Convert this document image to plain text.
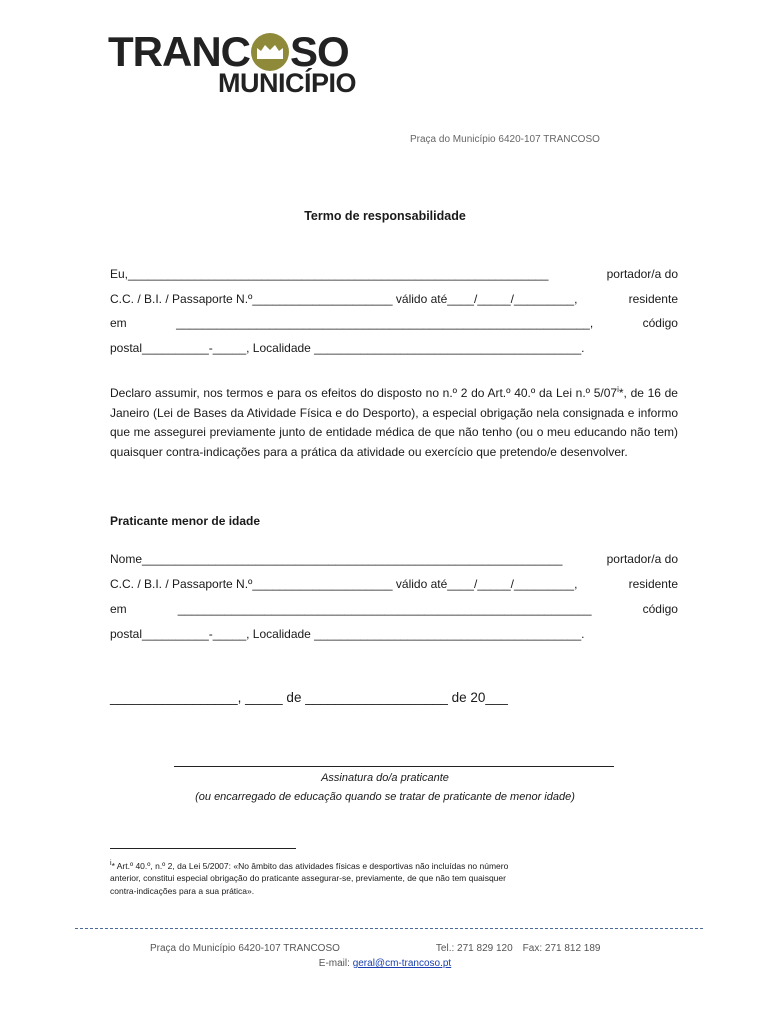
TRANC SO
MUNICÍPIO
Praça do Município 6420-107 TRANCOSO
Termo de responsabilidade
Eu,_______________________________________________________________	portador/a do
C.C. / B.I. / Passaporte N.º_____________________ válido até____/_____/_________,	residente
em	______________________________________________________________,	código
postal__________-_____, Localidade ________________________________________.
Declaro assumir, nos termos e para os efeitos do disposto no n.º 2 do Art.º 40.º da Lei n.º 5/07$^i$*, de 16 de Janeiro (Lei de Bases da Atividade Física e do Desporto), a especial obrigação nela consignada e informo que me assegurei previamente junto de entidade médica de que não tenho (ou o meu educando não tem) quaisquer contra-indicações para a prática da atividade ou exercício que pretendo/e desenvolver.
Praticante menor de idade
Nome_______________________________________________________________	portador/a do
C.C. / B.I. / Passaporte N.º_____________________ válido até____/_____/_________,	residente
em	______________________________________________________________	código
postal__________-_____, Localidade ________________________________________.
_________________, _____ de ___________________ de 20___
Assinatura do/a praticante
(ou encarregado de educação quando se tratar de praticante de menor idade)
$^i$* Art.º 40.º, n.º 2, da Lei 5/2007: «No âmbito das atividades físicas e desportivas não incluídas no número anterior, constitui especial obrigação do praticante assegurar-se, previamente, de que não tem quaisquer contra-indicações para a sua prática».
Praça do Município 6420-107 TRANCOSO	Tel.: 271 829 120 Fax: 271 812 189
E-mail: geral@cm-trancoso.pt
